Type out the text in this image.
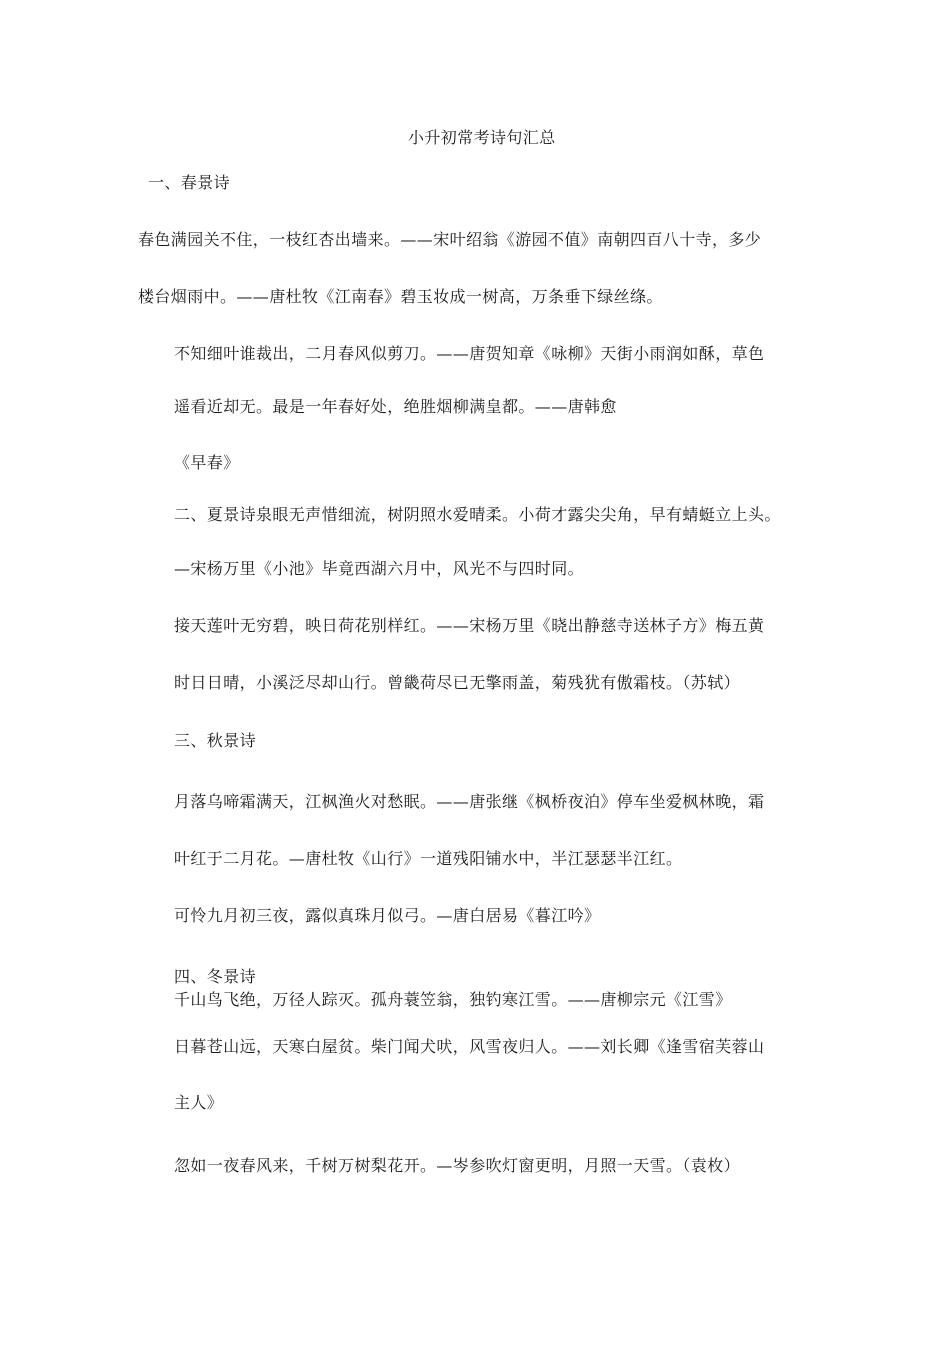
小升初常考诗句汇总
一、春景诗
春色满园关不住，一枝红杏出墙来。——宋叶绍翁《游园不值》南朝四百八十寺，多少
楼台烟雨中。——唐杜牧《江南春》碧玉妆成一树高，万条垂下绿丝绦。
不知细叶谁裁出，二月春风似剪刀。——唐贺知章《咏柳》天街小雨润如酥，草色
遥看近却无。最是一年春好处，绝胜烟柳满皇都。——唐韩愈
《早春》
二、夏景诗泉眼无声惜细流，树阴照水爱晴柔。小荷才露尖尖角，早有蜻蜓立上头。
—宋杨万里《小池》毕竟西湖六月中，风光不与四时同。
接天莲叶无穷碧，映日荷花别样红。——宋杨万里《晓出静慈寺送林子方》梅五黄
时日日晴，小溪泛尽却山行。曾畿荷尽已无擎雨盖，菊残犹有傲霜枝。（苏轼）
三、秋景诗
月落乌啼霜满天，江枫渔火对愁眠。——唐张继《枫桥夜泊》停车坐爱枫林晚，霜
叶红于二月花。—唐杜牧《山行》一道残阳铺水中，半江瑟瑟半江红。
可怜九月初三夜，露似真珠月似弓。—唐白居易《暮江吟》
四、冬景诗
千山鸟飞绝，万径人踪灭。孤舟蓑笠翁，独钓寒江雪。——唐柳宗元《江雪》
日暮苍山远，天寒白屋贫。柴门闻犬吠，风雪夜归人。——刘长卿《逢雪宿芙蓉山
主人》
忽如一夜春风来，千树万树梨花开。—岑参吹灯窗更明，月照一天雪。（袁枚）
